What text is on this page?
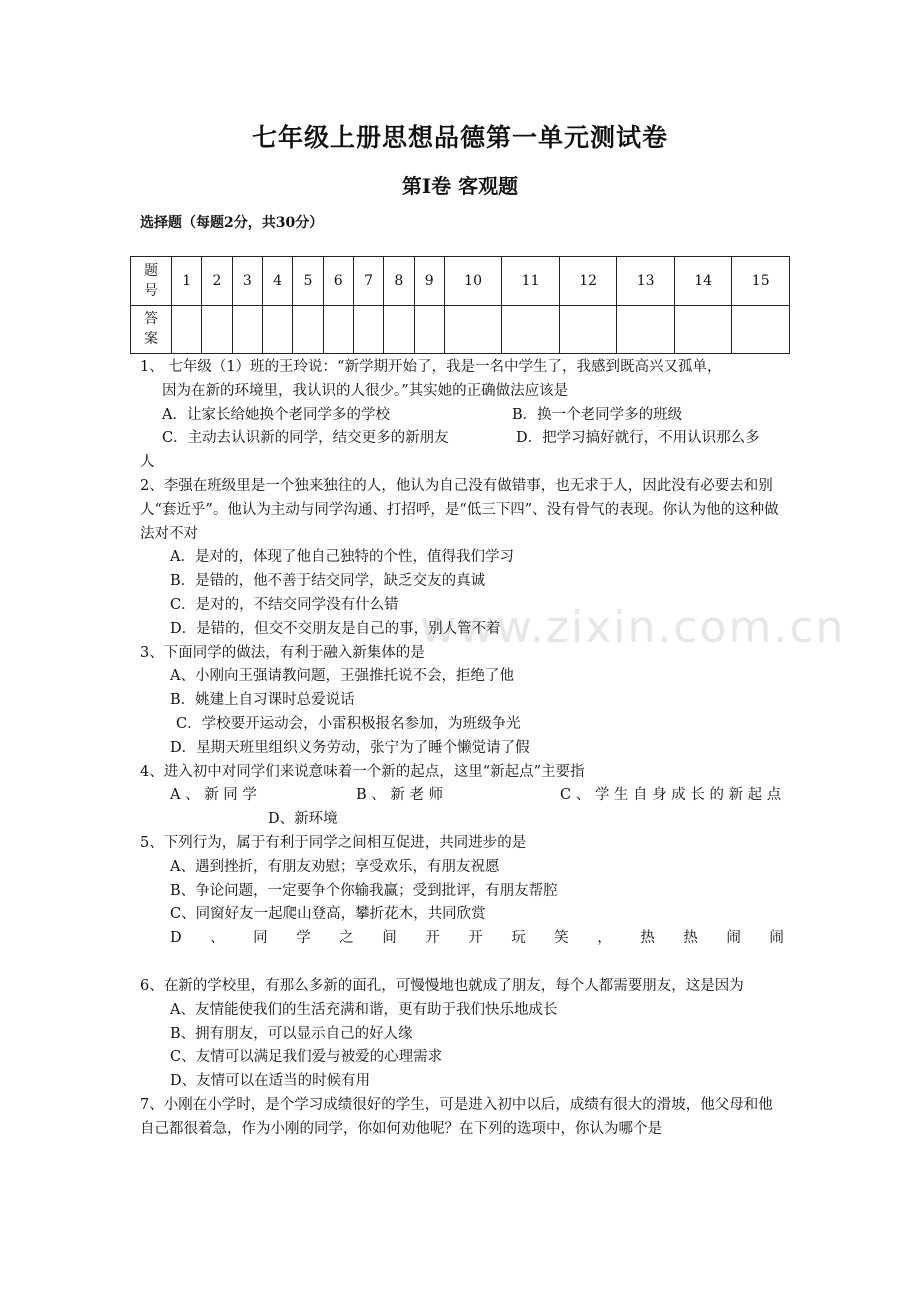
www.zixin.com.cn
七年级上册思想品德第一单元测试卷
第Ⅰ卷 客观题
选择题（每题2分，共30分）
题
号	1	2	3	4	5	6	7	8	9	10	11	12	13	14	15
答
案															

1、 七年级（1）班的王玲说：“新学期开始了，我是一名中学生了，我感到既高兴又孤单，

因为在新的环境里，我认识的人很少。”其实她的正确做法应该是

A．让家长给她换个老同学多的学校	B．换一个老同学多的班级
C．主动去认识新的同学，结交更多的新朋友	D．把学习搞好就行，不用认识那么多

人

2、李强在班级里是一个独来独往的人，他认为自己没有做错事，也无求于人，因此没有必要去和别人“套近乎”。他认为主动与同学沟通、打招呼，是“低三下四”、没有骨气的表现。你认为他的这种做法对不对

A．是对的，体现了他自己独特的个性，值得我们学习

B．是错的，他不善于结交同学，缺乏交友的真诚

C．是对的，不结交同学没有什么错

D．是错的，但交不交朋友是自己的事，别人管不着

3、下面同学的做法，有利于融入新集体的是

A、小刚向王强请教问题，王强推托说不会，拒绝了他

B．姚建上自习课时总爱说话

C．学校要开运动会，小雷积极报名参加，为班级争光

D．星期天班里组织义务劳动，张宁为了睡个懒觉请了假

4、进入初中对同学们来说意味着一个新的起点，这里“新起点”主要指

A 、 新 同 学	B 、 新 老 师	C 、 学 生 自 身 成 长 的 新 起 点

D、新环境

5、下列行为，属于有利于同学之间相互促进，共同进步的是

A、遇到挫折，有朋友劝慰；享受欢乐，有朋友祝愿

B、争论问题，一定要争个你输我赢；受到批评，有朋友帮腔

C、同窗好友一起爬山登高，攀折花木，共同欣赏

D 、 同 学 之 间 开 开 玩 笑 ， 热 热 闹 闹

6、在新的学校里，有那么多新的面孔，可慢慢地也就成了朋友，每个人都需要朋友，这是因为

A、友情能使我们的生活充满和谐，更有助于我们快乐地成长

B、拥有朋友，可以显示自己的好人缘

C、友情可以满足我们爱与被爱的心理需求

D、友情可以在适当的时候有用

7、小刚在小学时，是个学习成绩很好的学生，可是进入初中以后，成绩有很大的滑坡，他父母和他自己都很着急，作为小刚的同学，你如何劝他呢？在下列的选项中，你认为哪个是
